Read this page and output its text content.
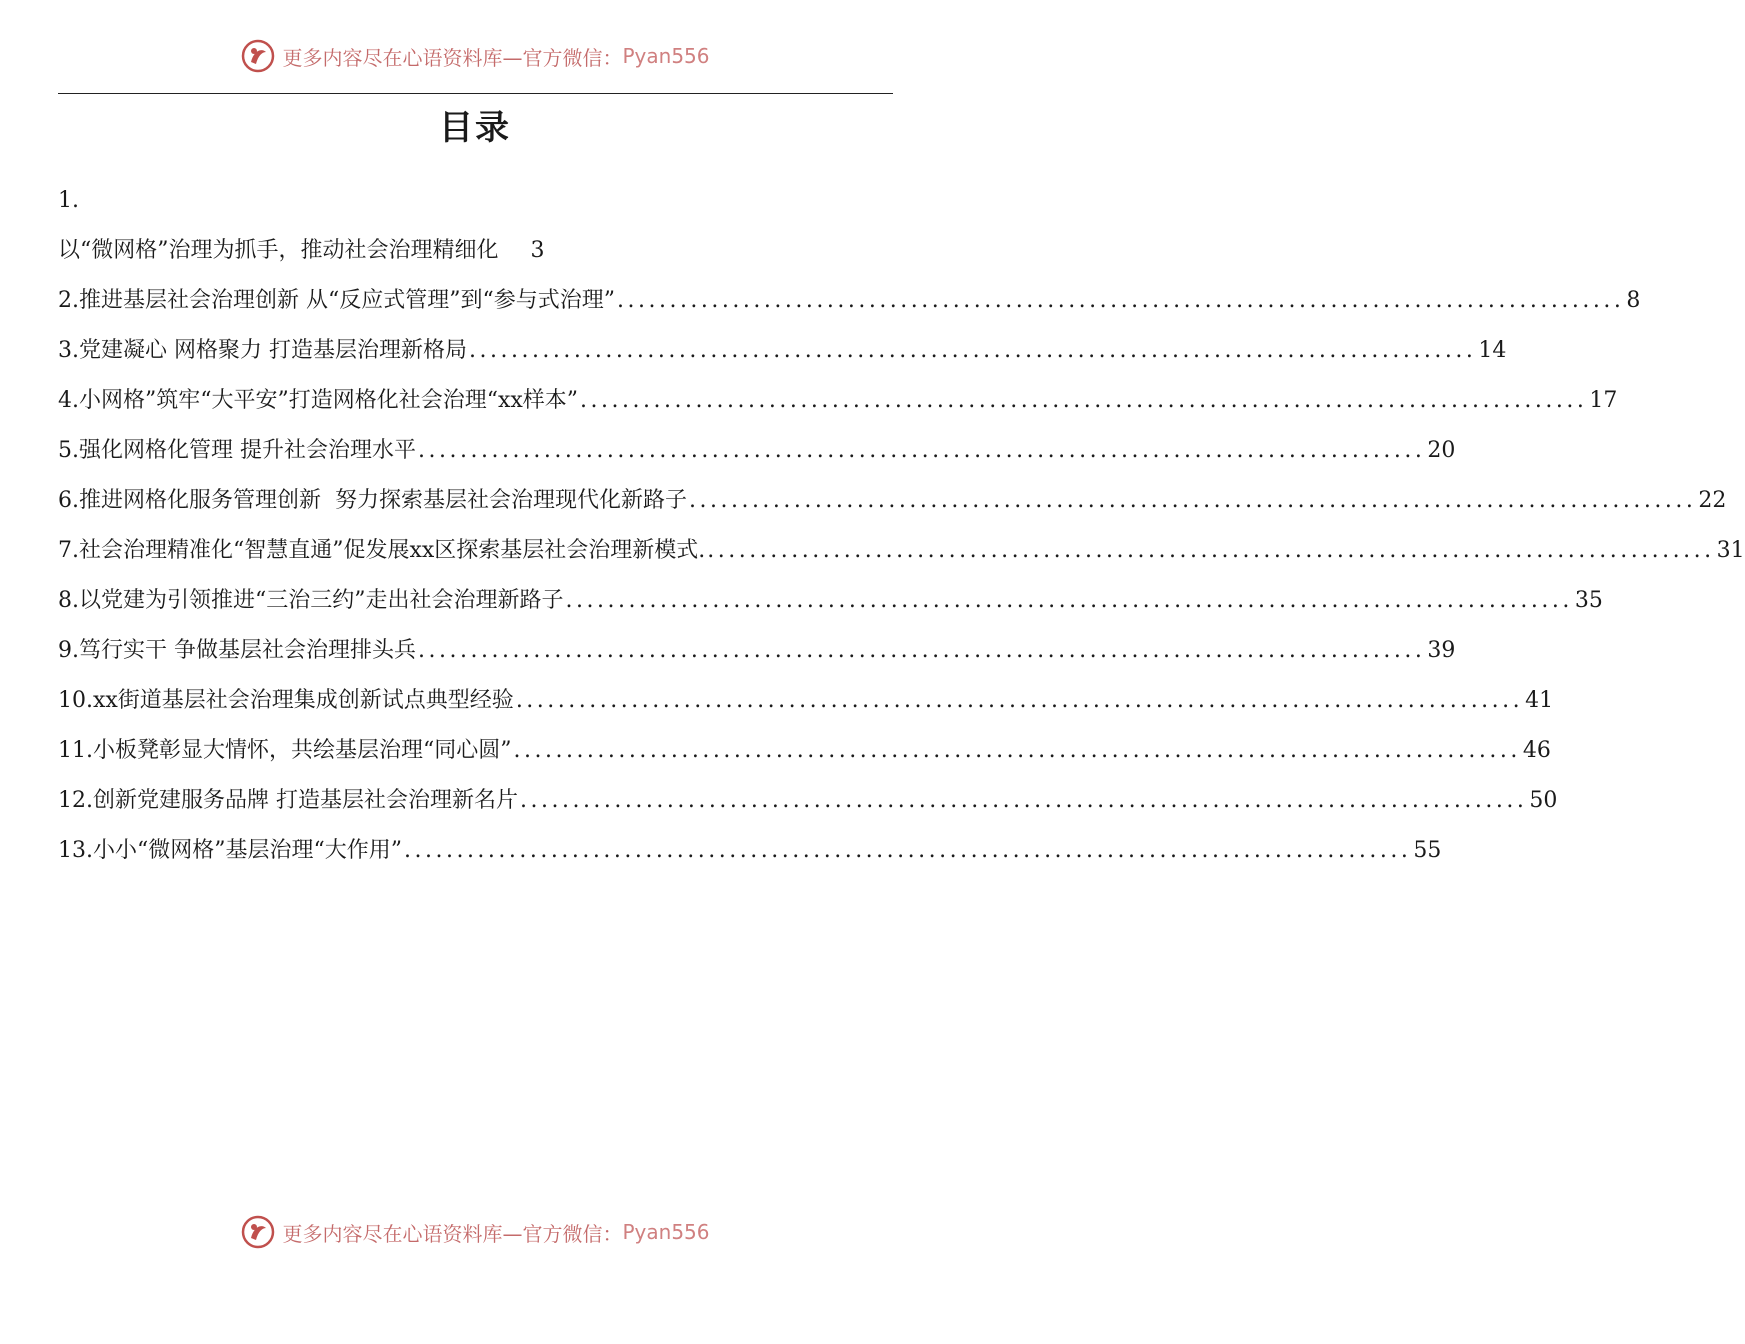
更多内容尽在心语资料库—官方微信： Pyan556
目录
1.
以“微网格”治理为抓手，推动社会治理精细化 3
2.推进基层社会治理创新 从“反应式管理”到“参与式治理” ................................................................................................ 8
3.党建凝心 网格聚力 打造基层治理新格局 ................................................................................................ 14
4.小网格”筑牢“大平安”打造网格化社会治理“xx样本” ................................................................................................ 17
5.强化网格化管理 提升社会治理水平 ................................................................................................ 20
6.推进网格化服务管理创新  努力探索基层社会治理现代化新路子 ................................................................................................ 22
7.社会治理精准化“智慧直通”促发展xx区探索基层社会治理新模式. ................................................................................................ 31
8.以党建为引领推进“三治三约”走出社会治理新路子 ................................................................................................ 35
9.笃行实干 争做基层社会治理排头兵 ................................................................................................ 39
10.xx街道基层社会治理集成创新试点典型经验 ................................................................................................ 41
11.小板凳彰显大情怀，共绘基层治理“同心圆” ................................................................................................ 46
12.创新党建服务品牌 打造基层社会治理新名片 ................................................................................................ 50
13.小小“微网格”基层治理“大作用” ................................................................................................ 55
更多内容尽在心语资料库—官方微信： Pyan556
